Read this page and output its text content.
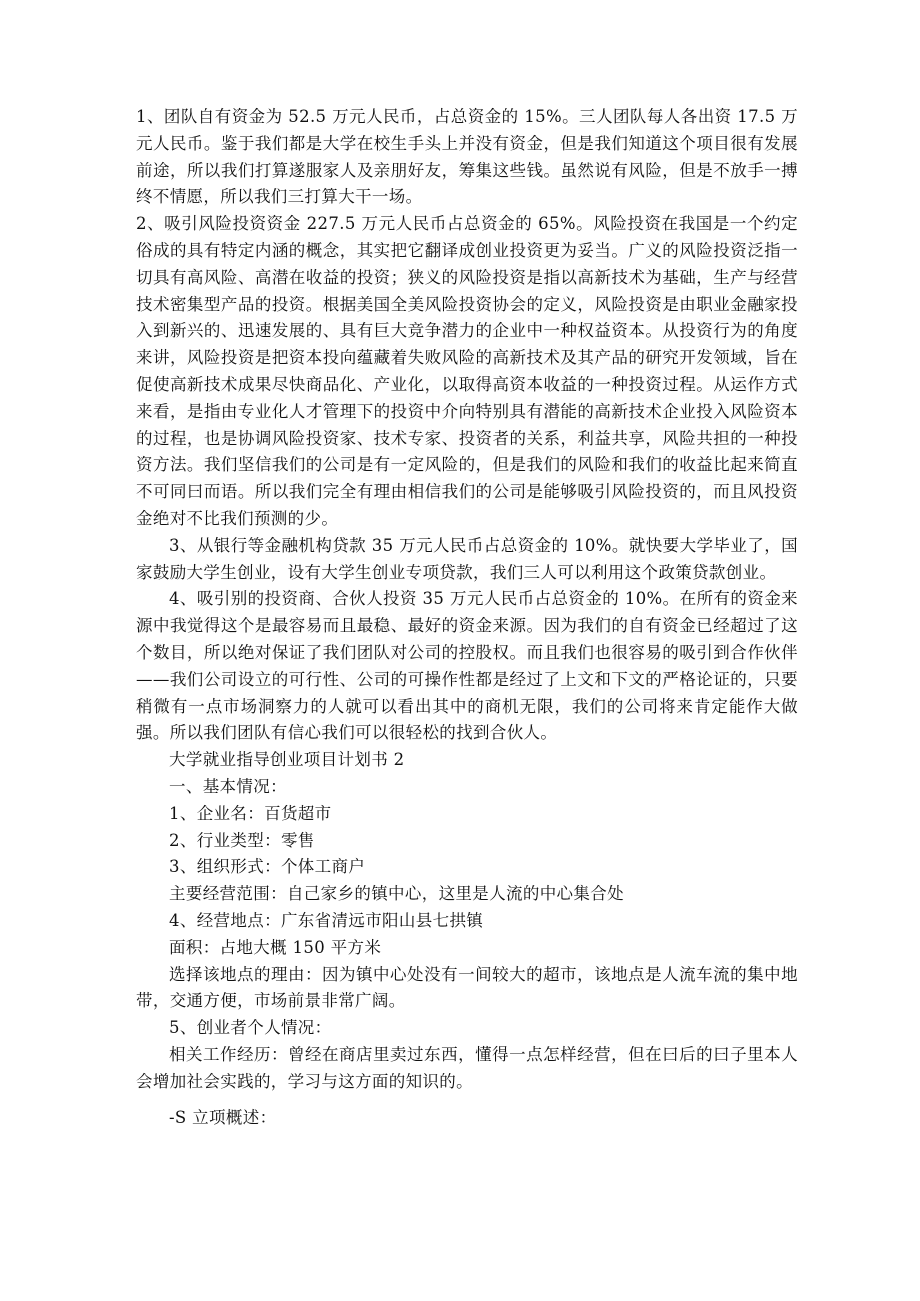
1、团队自有资金为 52.5 万元人民币，占总资金的 15%。三人团队每人各出资 17.5 万元人民币。鉴于我们都是大学在校生手头上并没有资金，但是我们知道这个项目很有发展前途，所以我们打算遂服家人及亲朋好友，筹集这些钱。虽然说有风险，但是不放手一搏终不情愿，所以我们三打算大干一场。

2、吸引风险投资资金 227.5 万元人民币占总资金的 65%。风险投资在我国是一个约定俗成的具有特定内涵的概念，其实把它翻译成创业投资更为妥当。广义的风险投资泛指一切具有高风险、高潜在收益的投资；狭义的风险投资是指以高新技术为基础，生产与经营技术密集型产品的投资。根据美国全美风险投资协会的定义，风险投资是由职业金融家投入到新兴的、迅速发展的、具有巨大竞争潜力的企业中一种权益资本。从投资行为的角度来讲，风险投资是把资本投向蕴藏着失败风险的高新技术及其产品的研究开发领域，旨在促使高新技术成果尽快商品化、产业化，以取得高资本收益的一种投资过程。从运作方式来看，是指由专业化人才管理下的投资中介向特别具有潜能的高新技术企业投入风险资本的过程，也是协调风险投资家、技术专家、投资者的关系，利益共享，风险共担的一种投资方法。我们坚信我们的公司是有一定风险的，但是我们的风险和我们的收益比起来简直不可同曰而语。所以我们完全有理由相信我们的公司是能够吸引风险投资的，而且风投资金绝对不比我们预测的少。

3、从银行等金融机构贷款 35 万元人民币占总资金的 10%。就快要大学毕业了，国家鼓励大学生创业，设有大学生创业专项贷款，我们三人可以利用这个政策贷款创业。

4、吸引别的投资商、合伙人投资 35 万元人民币占总资金的 10%。在所有的资金来源中我觉得这个是最容易而且最稳、最好的资金来源。因为我们的自有资金已经超过了这个数目，所以绝对保证了我们团队对公司的控股权。而且我们也很容易的吸引到合作伙伴——我们公司设立的可行性、公司的可操作性都是经过了上文和下文的严格论证的，只要稍微有一点市场洞察力的人就可以看出其中的商机无限，我们的公司将来肯定能作大做强。所以我们团队有信心我们可以很轻松的找到合伙人。

大学就业指导创业项目计划书 2

一、基本情况：

1、企业名：百货超市

2、行业类型：零售

3、组织形式：个体工商户

主要经营范围：自己家乡的镇中心，这里是人流的中心集合处

4、经营地点：广东省清远市阳山县七拱镇

面积：占地大概 150 平方米

选择该地点的理由：因为镇中心处没有一间较大的超市，该地点是人流车流的集中地带，交通方便，市场前景非常广阔。

5、创业者个人情况：

相关工作经历：曾经在商店里卖过东西，懂得一点怎样经营，但在曰后的曰子里本人会增加社会实践的，学习与这方面的知识的。

-S 立项概述：
